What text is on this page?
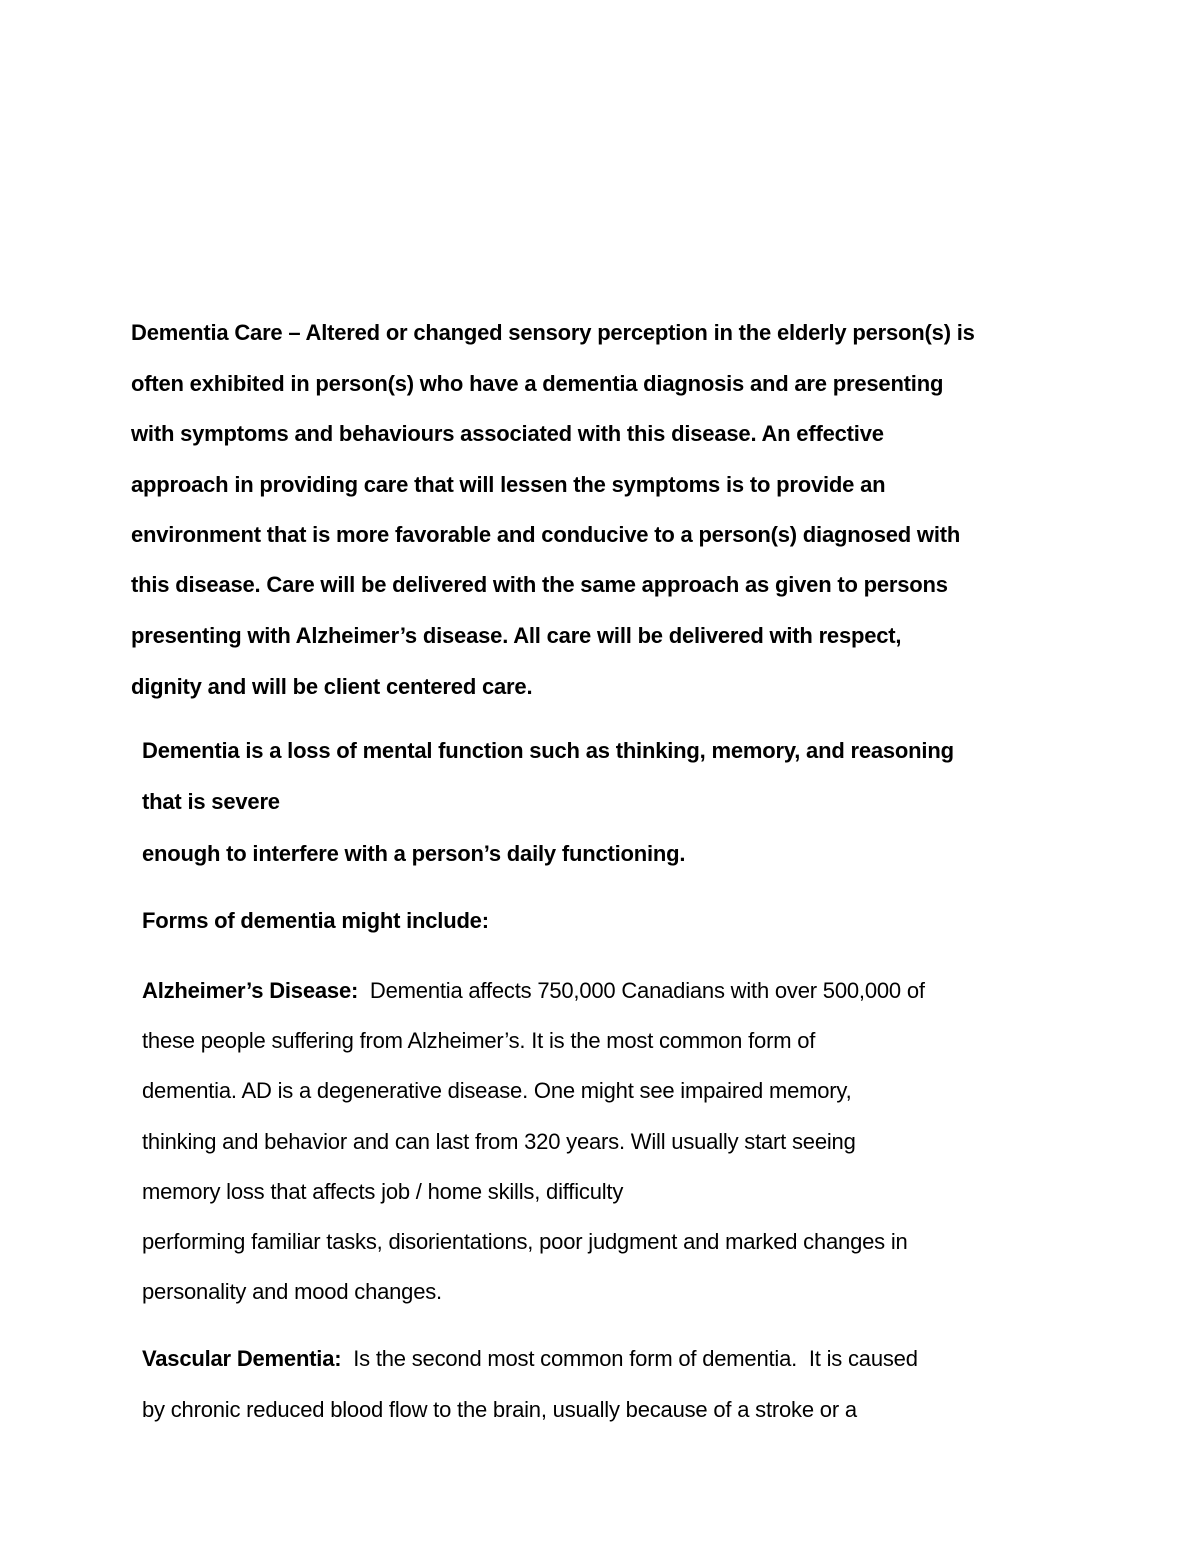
Dementia Care – Altered or changed sensory perception in the elderly person(s) is
often exhibited in person(s) who have a dementia diagnosis and are presenting
with symptoms and behaviours associated with this disease. An effective
approach in providing care that will lessen the symptoms is to provide an
environment that is more favorable and conducive to a person(s) diagnosed with
this disease. Care will be delivered with the same approach as given to persons
presenting with Alzheimer’s disease. All care will be delivered with respect,
dignity and will be client centered care.
Dementia is a loss of mental function such as thinking, memory, and reasoning
that is severe
enough to interfere with a person’s daily functioning.
Forms of dementia might include:
Alzheimer’s Disease:  Dementia affects 750,000 Canadians with over 500,000 of
these people suffering from Alzheimer’s. It is the most common form of
dementia. AD is a degenerative disease. One might see impaired memory,
thinking and behavior and can last from 320 years. Will usually start seeing
memory loss that affects job / home skills, difficulty
performing familiar tasks, disorientations, poor judgment and marked changes in
personality and mood changes.
Vascular Dementia:  Is the second most common form of dementia.  It is caused
by chronic reduced blood flow to the brain, usually because of a stroke or a
